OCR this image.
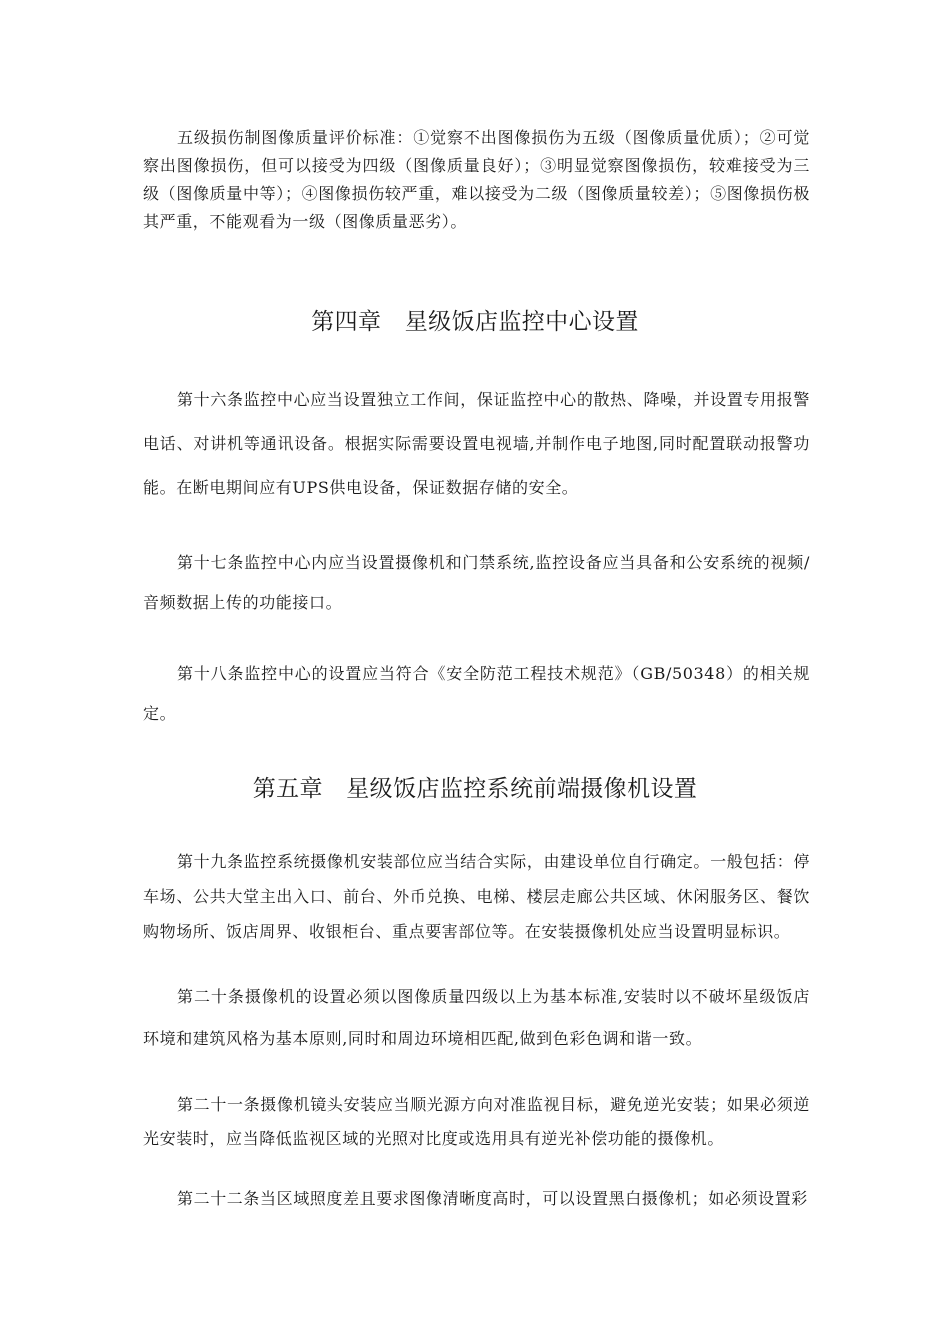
五级损伤制图像质量评价标准：①觉察不出图像损伤为五级（图像质量优质）；②可觉察出图像损伤，但可以接受为四级（图像质量良好）；③明显觉察图像损伤，较难接受为三级（图像质量中等）；④图像损伤较严重，难以接受为二级（图像质量较差）；⑤图像损伤极其严重，不能观看为一级（图像质量恶劣）。

第四章　星级饭店监控中心设置　

第十六条监控中心应当设置独立工作间，保证监控中心的散热、降噪，并设置专用报警电话、对讲机等通讯设备。根据实际需要设置电视墙,并制作电子地图,同时配置联动报警功能。在断电期间应有UPS供电设备，保证数据存储的安全。

第十七条监控中心内应当设置摄像机和门禁系统,监控设备应当具备和公安系统的视频/音频数据上传的功能接口。

第十八条监控中心的设置应当符合《安全防范工程技术规范》（GB/50348）的相关规定。

第五章　星级饭店监控系统前端摄像机设置　

第十九条监控系统摄像机安装部位应当结合实际，由建设单位自行确定。一般包括：停车场、公共大堂主出入口、前台、外币兑换、电梯、楼层走廊公共区域、休闲服务区、餐饮购物场所、饭店周界、收银柜台、重点要害部位等。在安装摄像机处应当设置明显标识。

第二十条摄像机的设置必须以图像质量四级以上为基本标准,安装时以不破坏星级饭店环境和建筑风格为基本原则,同时和周边环境相匹配,做到色彩色调和谐一致。

第二十一条摄像机镜头安装应当顺光源方向对准监视目标，避免逆光安装；如果必须逆光安装时，应当降低监视区域的光照对比度或选用具有逆光补偿功能的摄像机。

第二十二条当区域照度差且要求图像清晰度高时，可以设置黑白摄像机；如必须设置彩
